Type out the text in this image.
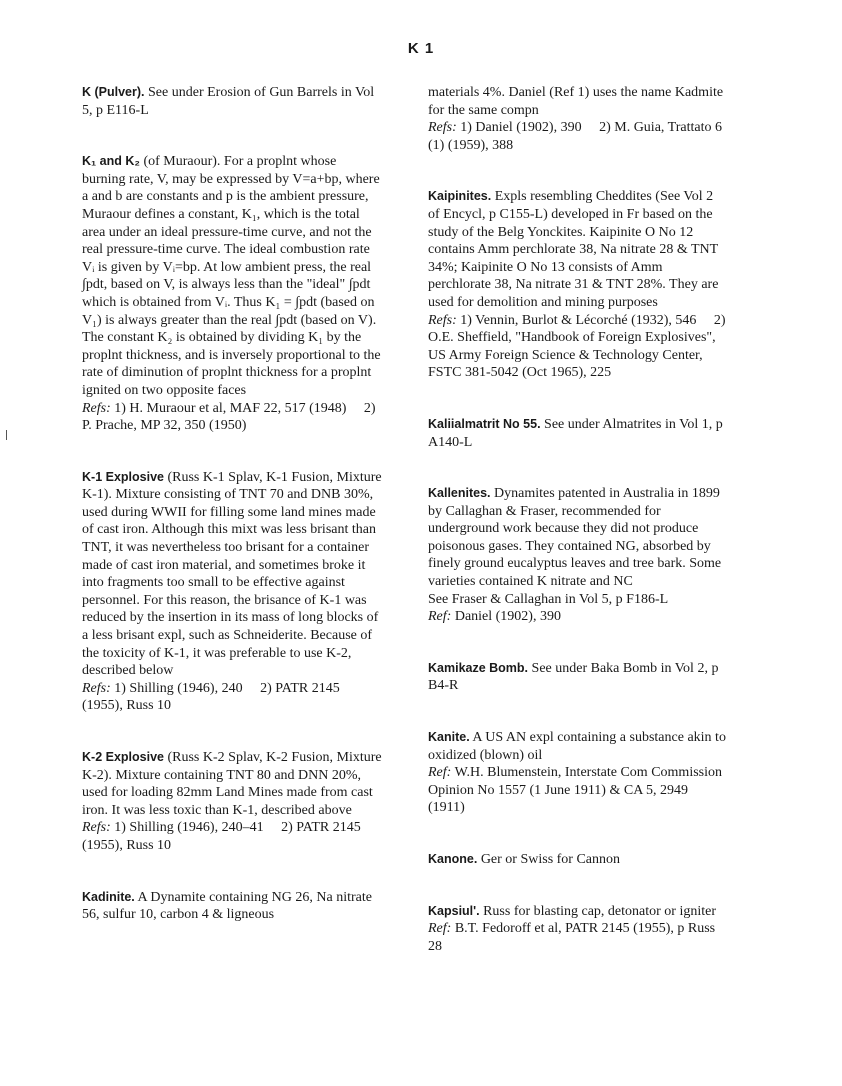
K 1

K (Pulver). See under Erosion of Gun Barrels in Vol 5, p E116-L

K₁ and K₂ (of Muraour). For a proplnt whose burning rate, V, may be expressed by V=a+bp, where a and b are constants and p is the ambient pressure, Muraour defines a constant, K₁, which is the total area under an ideal pressure-time curve, and not the real pressure-time curve. The ideal combustion rate Vᵢ is given by Vᵢ=bp. At low ambient press, the real ∫pdt, based on V, is always less than the "ideal" ∫pdt which is obtained from Vᵢ. Thus K₁ = ∫pdt (based on V₁) is always greater than the real ∫pdt (based on V). The constant K₂ is obtained by dividing K₁ by the proplnt thickness, and is inversely proportional to the rate of diminution of proplnt thickness for a proplnt ignited on two opposite faces

Refs: 1) H. Muraour et al, MAF 22, 517 (1948) 2) P. Prache, MP 32, 350 (1950)

K-1 Explosive (Russ K-1 Splav, K-1 Fusion, Mixture K-1). Mixture consisting of TNT 70 and DNB 30%, used during WWII for filling some land mines made of cast iron. Although this mixt was less brisant than TNT, it was nevertheless too brisant for a container made of cast iron material, and sometimes broke it into fragments too small to be effective against personnel. For this reason, the brisance of K-1 was reduced by the insertion in its mass of long blocks of a less brisant expl, such as Schneiderite. Because of the toxicity of K-1, it was preferable to use K-2, described below

Refs: 1) Shilling (1946), 240 2) PATR 2145 (1955), Russ 10

K-2 Explosive (Russ K-2 Splav, K-2 Fusion, Mixture K-2). Mixture containing TNT 80 and DNN 20%, used for loading 82mm Land Mines made from cast iron. It was less toxic than K-1, described above

Refs: 1) Shilling (1946), 240–41 2) PATR 2145 (1955), Russ 10

Kadinite. A Dynamite containing NG 26, Na nitrate 56, sulfur 10, carbon 4 & ligneous

materials 4%. Daniel (Ref 1) uses the name Kadmite for the same compn

Refs: 1) Daniel (1902), 390 2) M. Guia, Trattato 6 (1) (1959), 388

Kaipinites. Expls resembling Cheddites (See Vol 2 of Encycl, p C155-L) developed in Fr based on the study of the Belg Yonckites. Kaipinite O No 12 contains Amm perchlorate 38, Na nitrate 28 & TNT 34%; Kaipinite O No 13 consists of Amm perchlorate 38, Na nitrate 31 & TNT 28%. They are used for demolition and mining purposes

Refs: 1) Vennin, Burlot & Lécorché (1932), 546 2) O.E. Sheffield, "Handbook of Foreign Explosives", US Army Foreign Science & Technology Center, FSTC 381-5042 (Oct 1965), 225

Kaliialmatrit No 55. See under Almatrites in Vol 1, p A140-L

Kallenites. Dynamites patented in Australia in 1899 by Callaghan & Fraser, recommended for underground work because they did not produce poisonous gases. They contained NG, absorbed by finely ground eucalyptus leaves and tree bark. Some varieties contained K nitrate and NC

See Fraser & Callaghan in Vol 5, p F186-L

Ref: Daniel (1902), 390

Kamikaze Bomb. See under Baka Bomb in Vol 2, p B4-R

Kanite. A US AN expl containing a substance akin to oxidized (blown) oil

Ref: W.H. Blumenstein, Interstate Com Commission Opinion No 1557 (1 June 1911) & CA 5, 2949 (1911)

Kanone. Ger or Swiss for Cannon

Kapsiul'. Russ for blasting cap, detonator or igniter

Ref: B.T. Fedoroff et al, PATR 2145 (1955), p Russ 28
